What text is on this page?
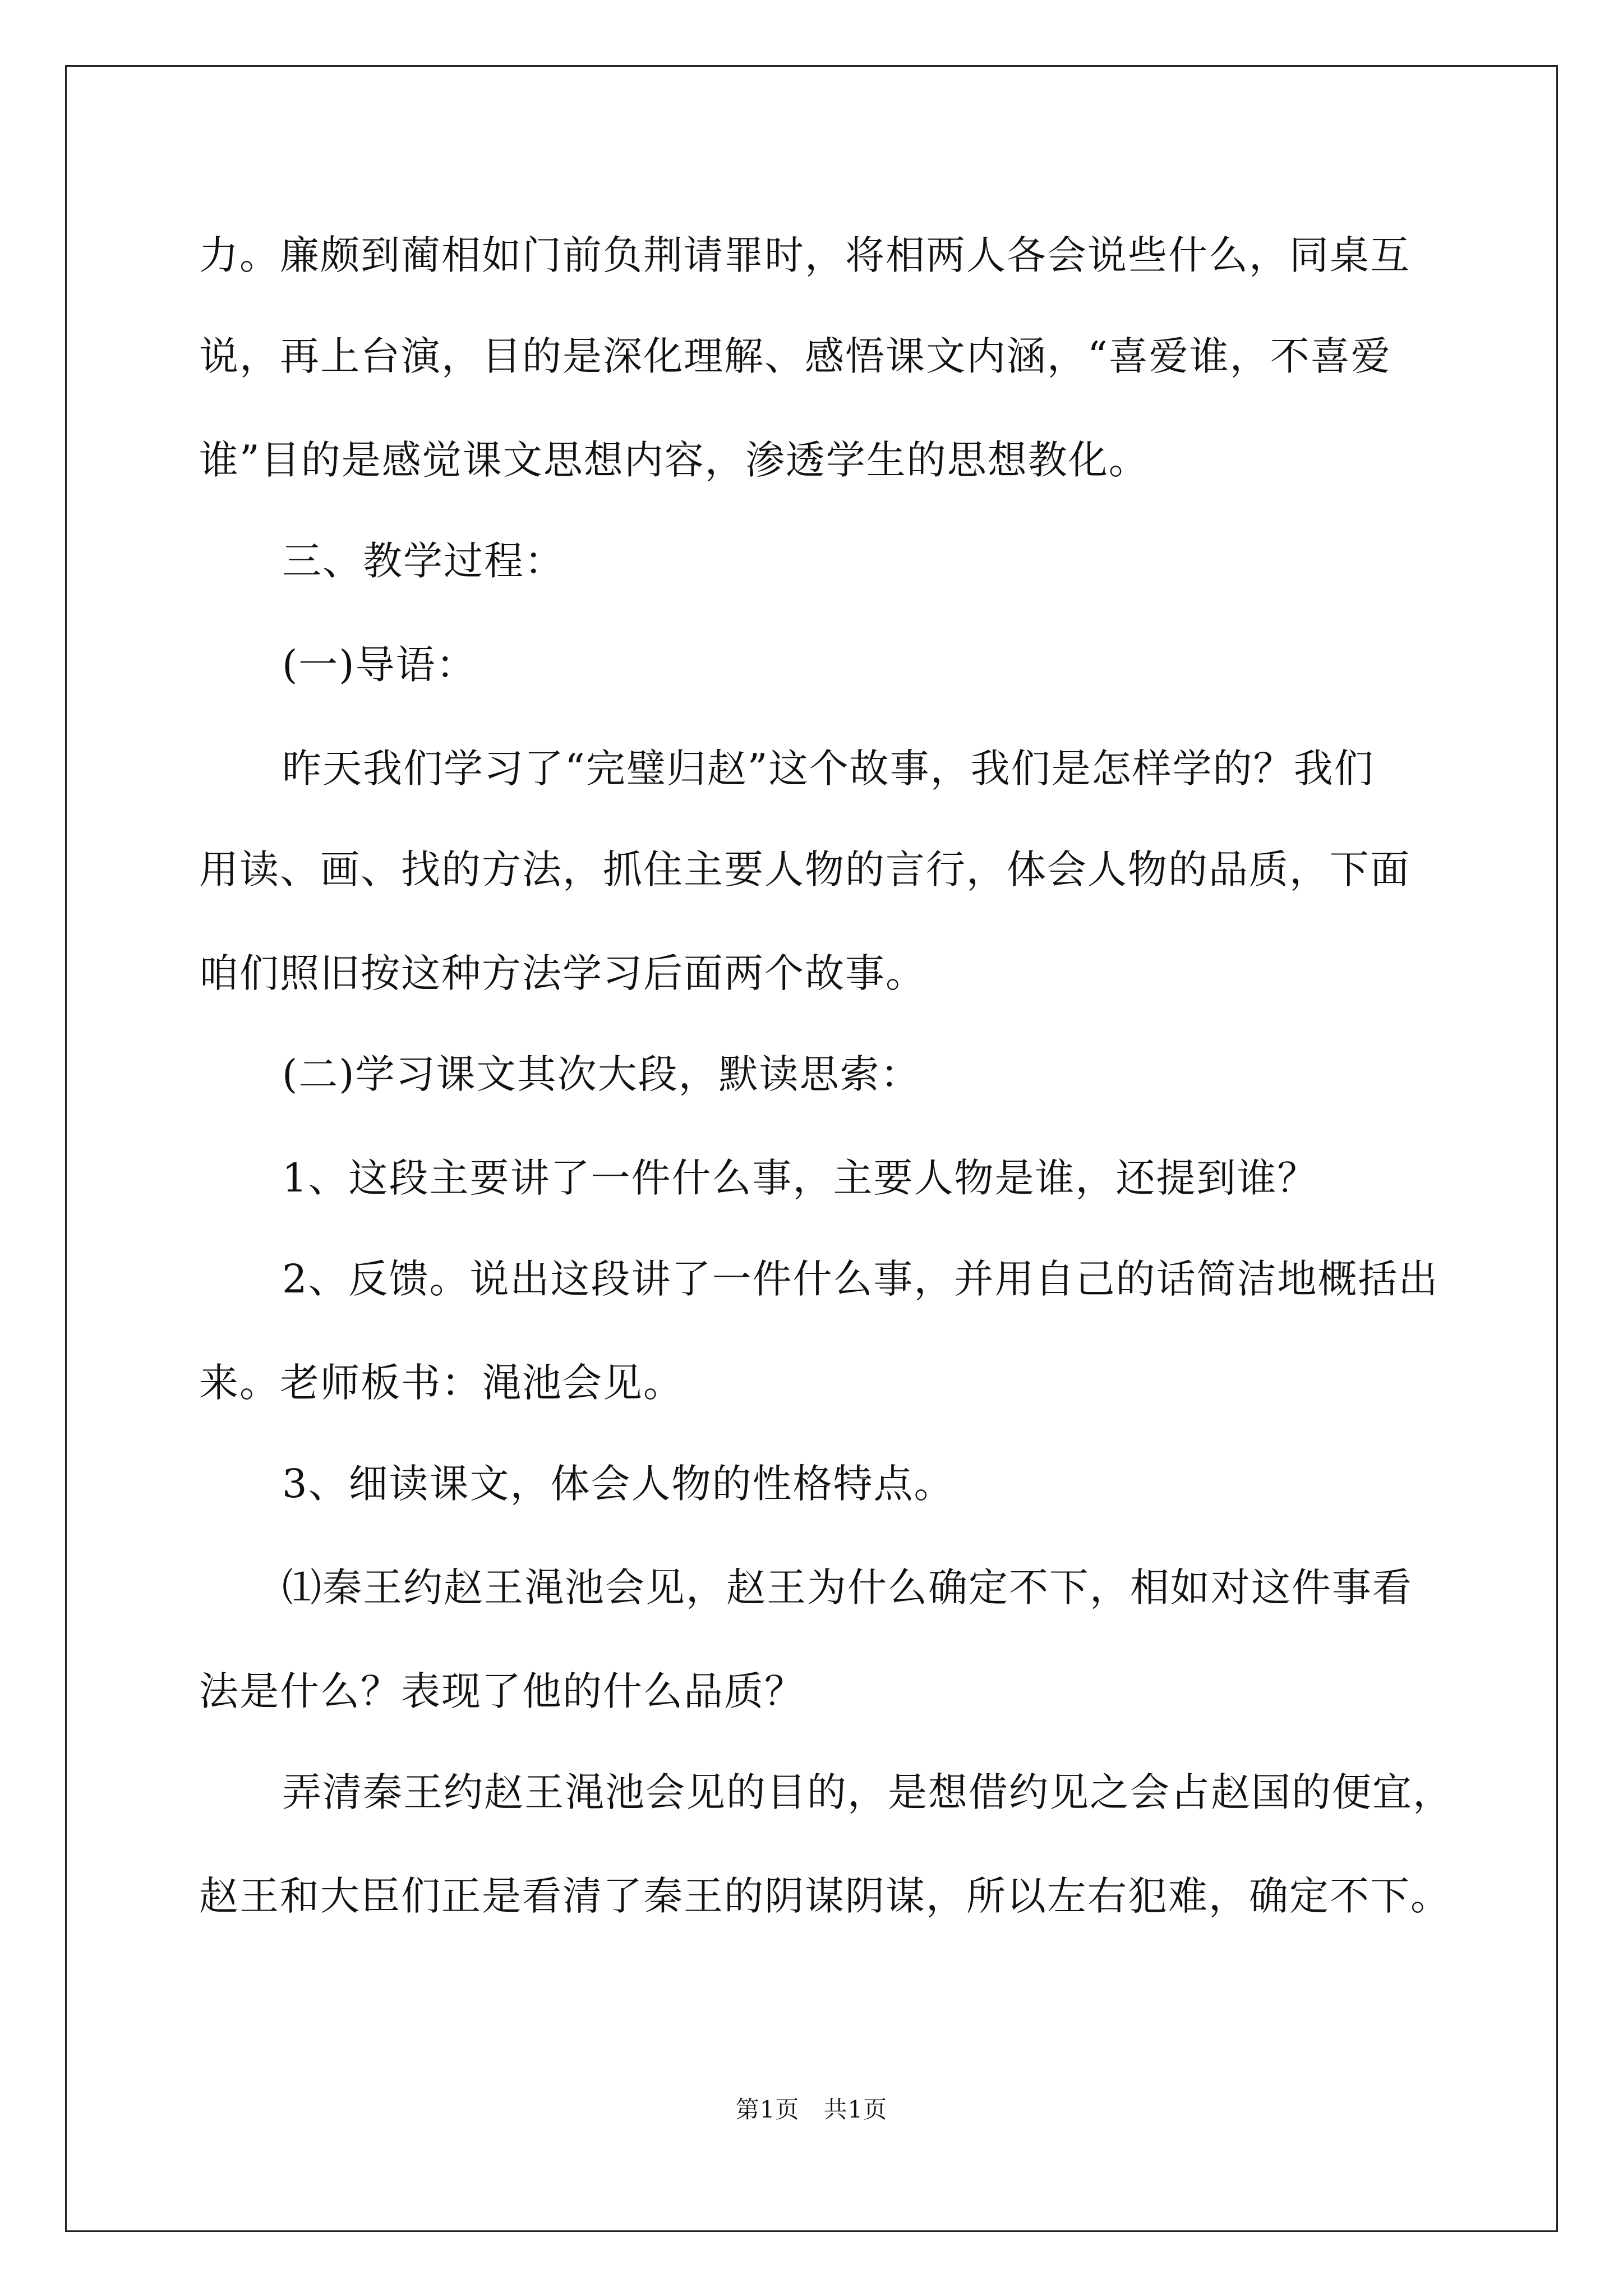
力。廉颇到蔺相如门前负荆请罪时，将相两人各会说些什么，同桌互
说，再上台演，目的是深化理解、感悟课文内涵，“喜爱谁，不喜爱
谁”目的是感觉课文思想内容，渗透学生的思想教化。
三、教学过程：
(一)导语：
昨天我们学习了“完璧归赵”这个故事，我们是怎样学的？我们
用读、画、找的方法，抓住主要人物的言行，体会人物的品质，下面
咱们照旧按这种方法学习后面两个故事。
(二)学习课文其次大段，默读思索：
1、这段主要讲了一件什么事，主要人物是谁，还提到谁？
2、反馈。说出这段讲了一件什么事，并用自己的话简洁地概括出
来。老师板书：渑池会见。
3、细读课文，体会人物的性格特点。
⑴秦王约赵王渑池会见，赵王为什么确定不下，相如对这件事看
法是什么？表现了他的什么品质？
弄清秦王约赵王渑池会见的目的，是想借约见之会占赵国的便宜，
赵王和大臣们正是看清了秦王的阴谋阴谋，所以左右犯难，确定不下。
第1页　共1页
